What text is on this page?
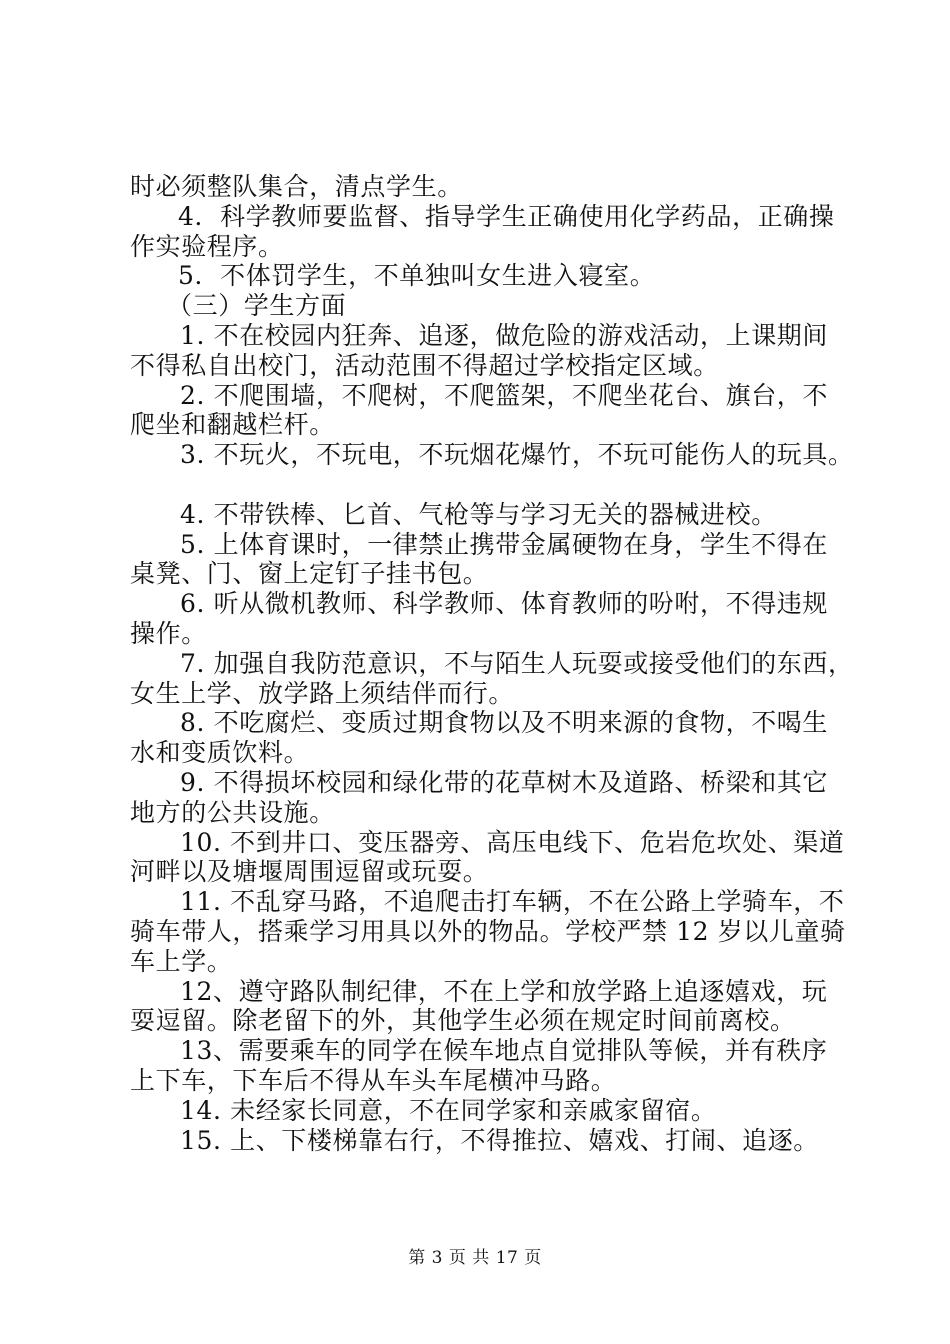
时必须整队集合，清点学生。
4．科学教师要监督、指导学生正确使用化学药品，正确操
作实验程序。
5．不体罚学生，不单独叫女生进入寝室。
（三）学生方面
1. 不在校园内狂奔、追逐，做危险的游戏活动，上课期间
不得私自出校门，活动范围不得超过学校指定区域。
2. 不爬围墙，不爬树，不爬篮架，不爬坐花台、旗台，不
爬坐和翻越栏杆。
3. 不玩火，不玩电，不玩烟花爆竹，不玩可能伤人的玩具。
4. 不带铁棒、匕首、气枪等与学习无关的器械进校。
5. 上体育课时，一律禁止携带金属硬物在身，学生不得在
桌凳、门、窗上定钉子挂书包。
6. 听从微机教师、科学教师、体育教师的吩咐，不得违规
操作。
7. 加强自我防范意识，不与陌生人玩耍或接受他们的东西，
女生上学、放学路上须结伴而行。
8. 不吃腐烂、变质过期食物以及不明来源的食物，不喝生
水和变质饮料。
9. 不得损坏校园和绿化带的花草树木及道路、桥梁和其它
地方的公共设施。
10. 不到井口、变压器旁、高压电线下、危岩危坎处、渠道
河畔以及塘堰周围逗留或玩耍。
11. 不乱穿马路，不追爬击打车辆，不在公路上学骑车，不
骑车带人，搭乘学习用具以外的物品。学校严禁 12 岁以儿童骑
车上学。
12、遵守路队制纪律，不在上学和放学路上追逐嬉戏，玩
耍逗留。除老留下的外，其他学生必须在规定时间前离校。
13、需要乘车的同学在候车地点自觉排队等候，并有秩序
上下车，下车后不得从车头车尾横冲马路。
14. 未经家长同意，不在同学家和亲戚家留宿。
15. 上、下楼梯靠右行，不得推拉、嬉戏、打闹、追逐。
第 3 页 共 17 页
